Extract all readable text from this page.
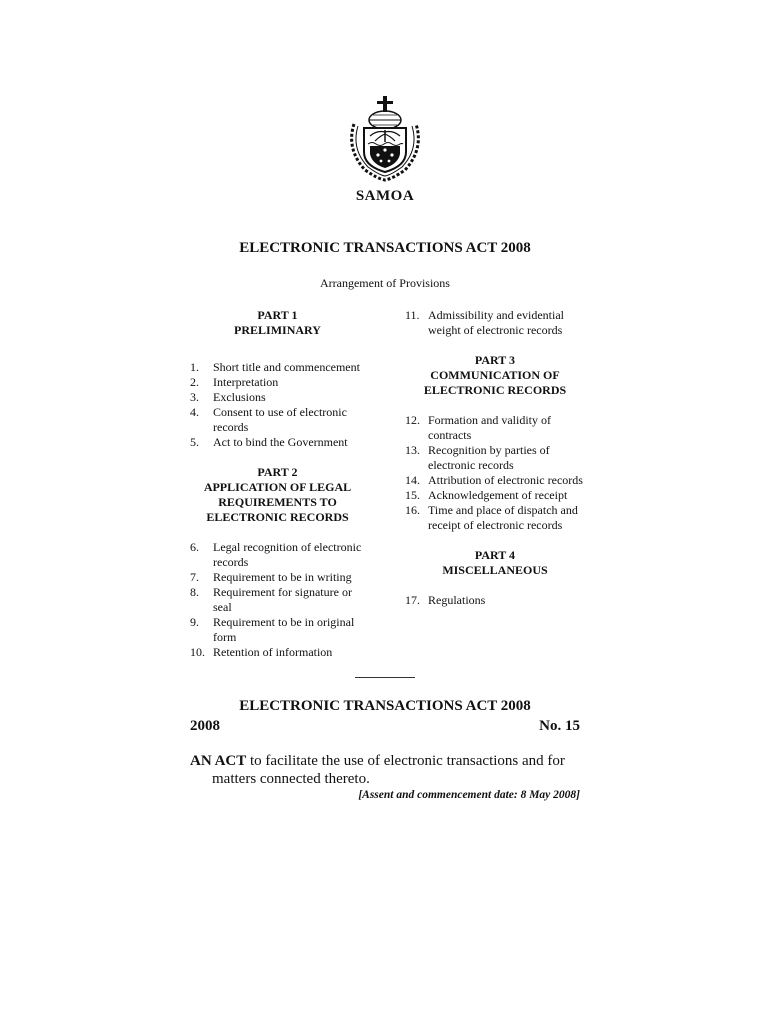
SAMOA
ELECTRONIC TRANSACTIONS ACT 2008
Arrangement of Provisions
PART 1
PRELIMINARY
1.	Short title and commencement
2.	Interpretation
3.	Exclusions
4.	Consent to use of electronic records
5.	Act to bind the Government
PART 2
APPLICATION OF LEGAL
REQUIREMENTS TO
ELECTRONIC RECORDS
6.	Legal recognition of electronic records
7.	Requirement to be in writing
8.	Requirement for signature or seal
9.	Requirement to be in original form
10. Retention of information
11. Admissibility and evidential weight of electronic records
PART 3
COMMUNICATION OF
ELECTRONIC RECORDS
12. Formation and validity of contracts
13. Recognition by parties of electronic records
14. Attribution of electronic records
15. Acknowledgement of receipt
16. Time and place of dispatch and receipt of electronic records
PART 4
MISCELLANEOUS
17. Regulations
ELECTRONIC TRANSACTIONS ACT 2008
2008	No. 15
AN ACT to facilitate the use of electronic transactions and for
matters connected thereto.
[Assent and commencement date: 8 May 2008]
